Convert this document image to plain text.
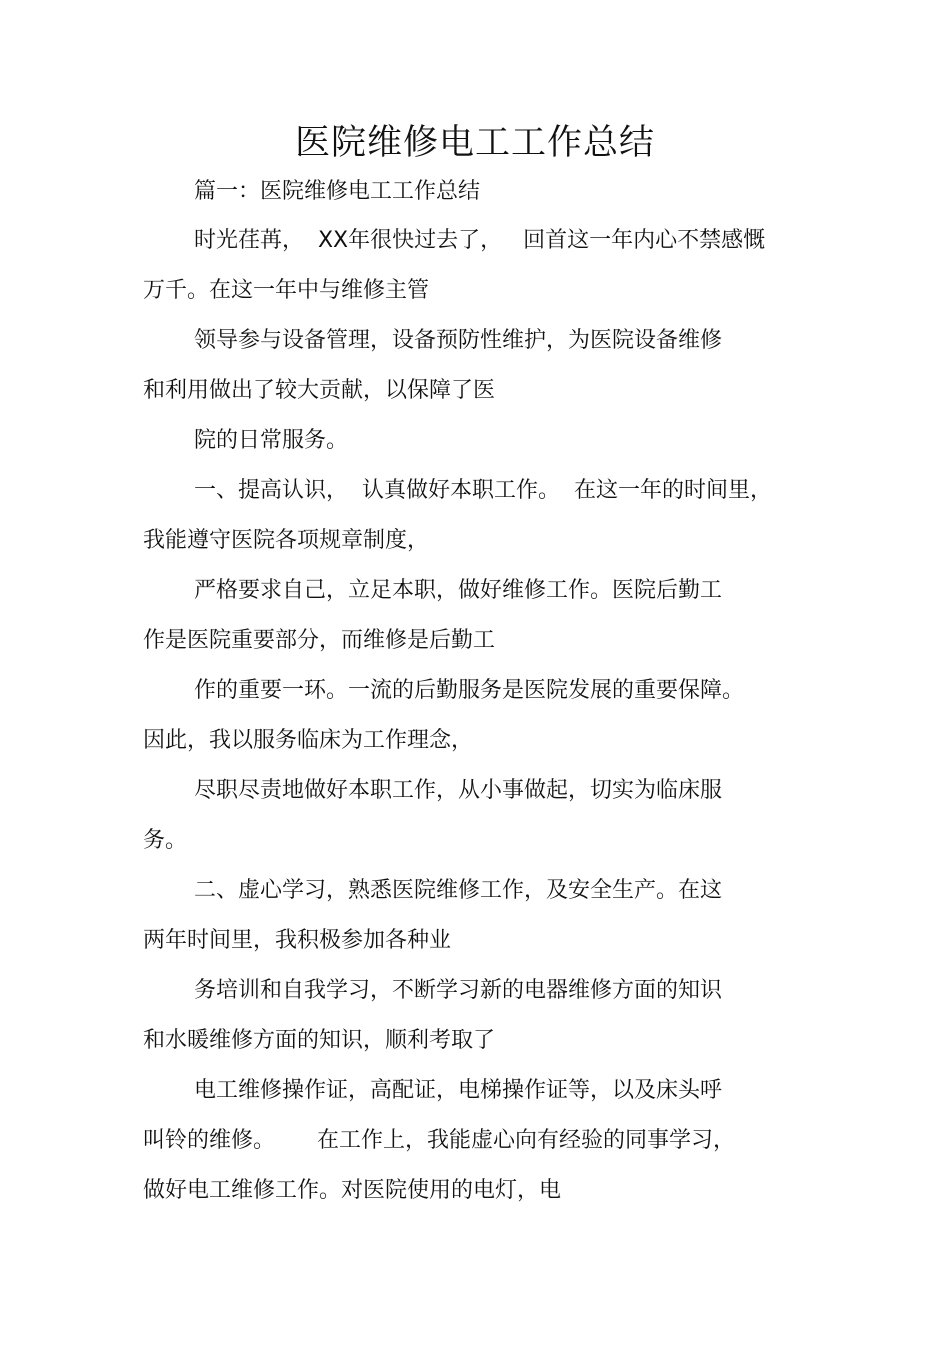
医院维修电工工作总结
篇一：医院维修电工工作总结
时光荏苒，  XX年很快过去了，   回首这一年内心不禁感慨
万千。在这一年中与维修主管
领导参与设备管理，设备预防性维护，为医院设备维修
和利用做出了较大贡献，以保障了医
院的日常服务。
一、提高认识，  认真做好本职工作。  在这一年的时间里，
我能遵守医院各项规章制度，
严格要求自己，立足本职，做好维修工作。医院后勤工
作是医院重要部分，而维修是后勤工
作的重要一环。一流的后勤服务是医院发展的重要保障。
因此，我以服务临床为工作理念，
尽职尽责地做好本职工作，从小事做起，切实为临床服
务。
二、虚心学习，熟悉医院维修工作，及安全生产。在这
两年时间里，我积极参加各种业
务培训和自我学习，不断学习新的电器维修方面的知识
和水暖维修方面的知识，顺利考取了
电工维修操作证，高配证，电梯操作证等，以及床头呼
叫铃的维修。      在工作上，我能虚心向有经验的同事学习，
做好电工维修工作。对医院使用的电灯，电
